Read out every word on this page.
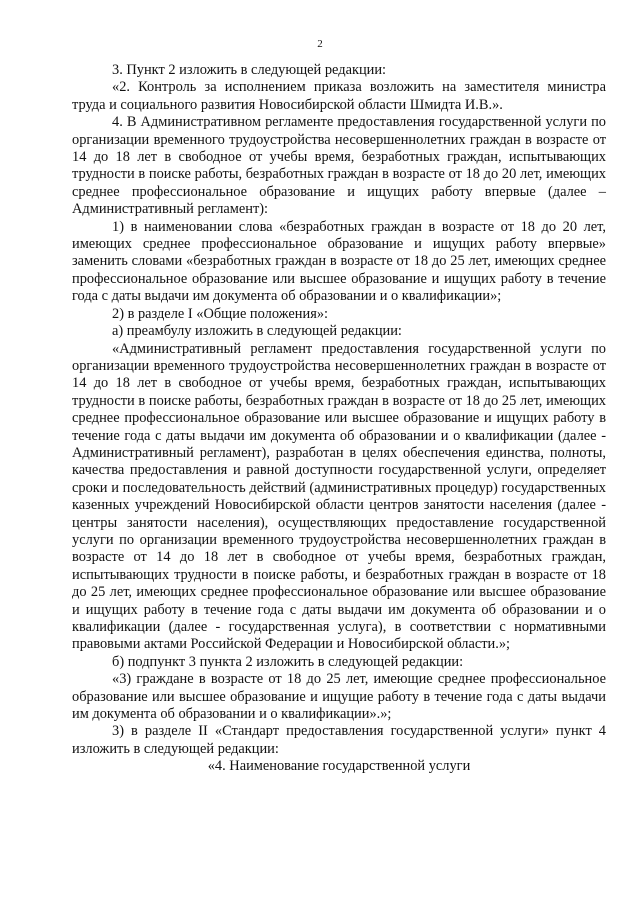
2

3. Пункт 2 изложить в следующей редакции:

«2. Контроль за исполнением приказа возложить на заместителя министра труда и социального развития Новосибирской области Шмидта И.В.».

4. В Административном регламенте предоставления государственной услуги по организации временного трудоустройства несовершеннолетних граждан в возрасте от 14 до 18 лет в свободное от учебы время, безработных граждан, испытывающих трудности в поиске работы, безработных граждан в возрасте от 18 до 20 лет, имеющих среднее профессиональное образование и ищущих работу впервые (далее – Административный регламент):

1) в наименовании слова «безработных граждан в возрасте от 18 до 20 лет, имеющих среднее профессиональное образование и ищущих работу впервые» заменить словами «безработных граждан в возрасте от 18 до 25 лет, имеющих среднее профессиональное образование или высшее образование и ищущих работу в течение года с даты выдачи им документа об образовании и о квалификации»;

2) в разделе I «Общие положения»:

а) преамбулу изложить в следующей редакции:

«Административный регламент предоставления государственной услуги по организации временного трудоустройства несовершеннолетних граждан в возрасте от 14 до 18 лет в свободное от учебы время, безработных граждан, испытывающих трудности в поиске работы, безработных граждан в возрасте от 18 до 25 лет, имеющих среднее профессиональное образование или высшее образование и ищущих работу в течение года с даты выдачи им документа об образовании и о квалификации (далее - Административный регламент), разработан в целях обеспечения единства, полноты, качества предоставления и равной доступности государственной услуги, определяет сроки и последовательность действий (административных процедур) государственных казенных учреждений Новосибирской области центров занятости населения (далее - центры занятости населения), осуществляющих предоставление государственной услуги по организации временного трудоустройства несовершеннолетних граждан в возрасте от 14 до 18 лет в свободное от учебы время, безработных граждан, испытывающих трудности в поиске работы, и безработных граждан в возрасте от 18 до 25 лет, имеющих среднее профессиональное образование или высшее образование и ищущих работу в течение года с даты выдачи им документа об образовании и о квалификации (далее - государственная услуга), в соответствии с нормативными правовыми актами Российской Федерации и Новосибирской области.»;

б) подпункт 3 пункта 2 изложить в следующей редакции:

«3) граждане в возрасте от 18 до 25 лет, имеющие среднее профессиональное образование или высшее образование и ищущие работу в течение года с даты выдачи им документа об образовании и о квалификации».»;

3) в разделе II «Стандарт предоставления государственной услуги» пункт 4 изложить в следующей редакции:

«4. Наименование государственной услуги
